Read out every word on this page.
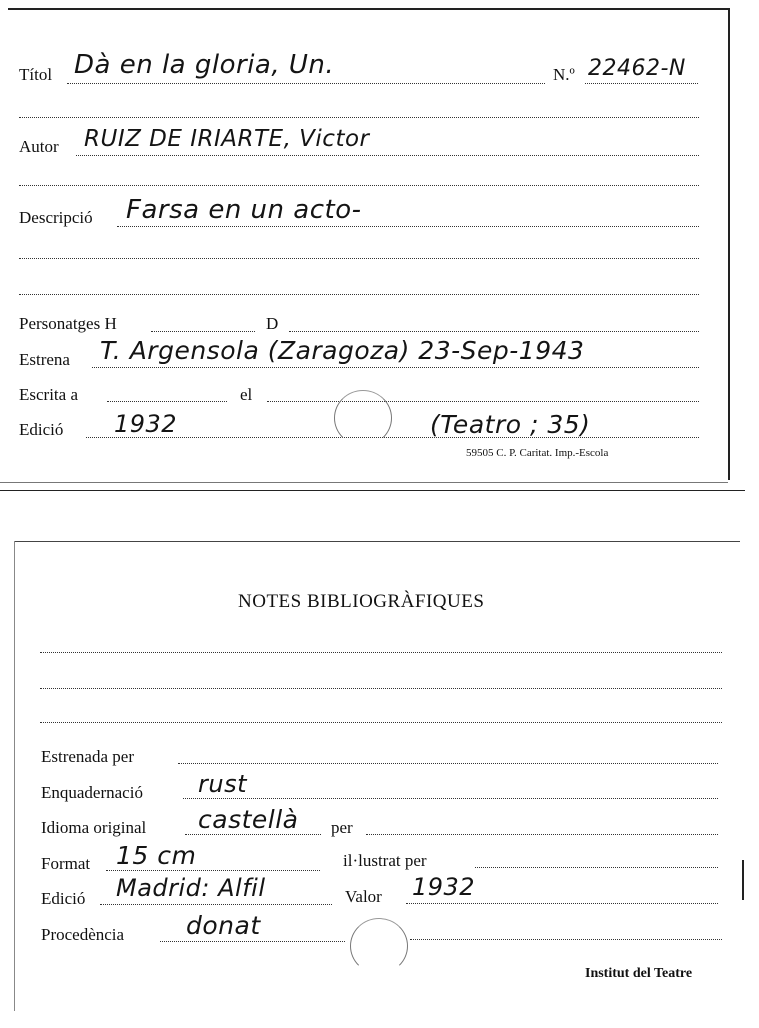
Títol Dà en la gloria, Un.	N.º 22462-N
Autor RUIZ DE IRIARTE, Victor
Descripció Farsa en un acto-
Personatges H	D
Estrena T. Argensola (Zaragoza) 23-Sep-1943
Escrita a	el
Edició 1932	(Teatro ; 35)
59505 C. P. Caritat. Imp.-Escola
NOTES BIBLIOGRÀFIQUES
Estrenada per
Enquadernació rust
Idioma original castellà per
Format 15 cm	il·lustrat per
Edició Madrid: Alfil	Valor 1932
Procedència donat
Institut del Teatre
